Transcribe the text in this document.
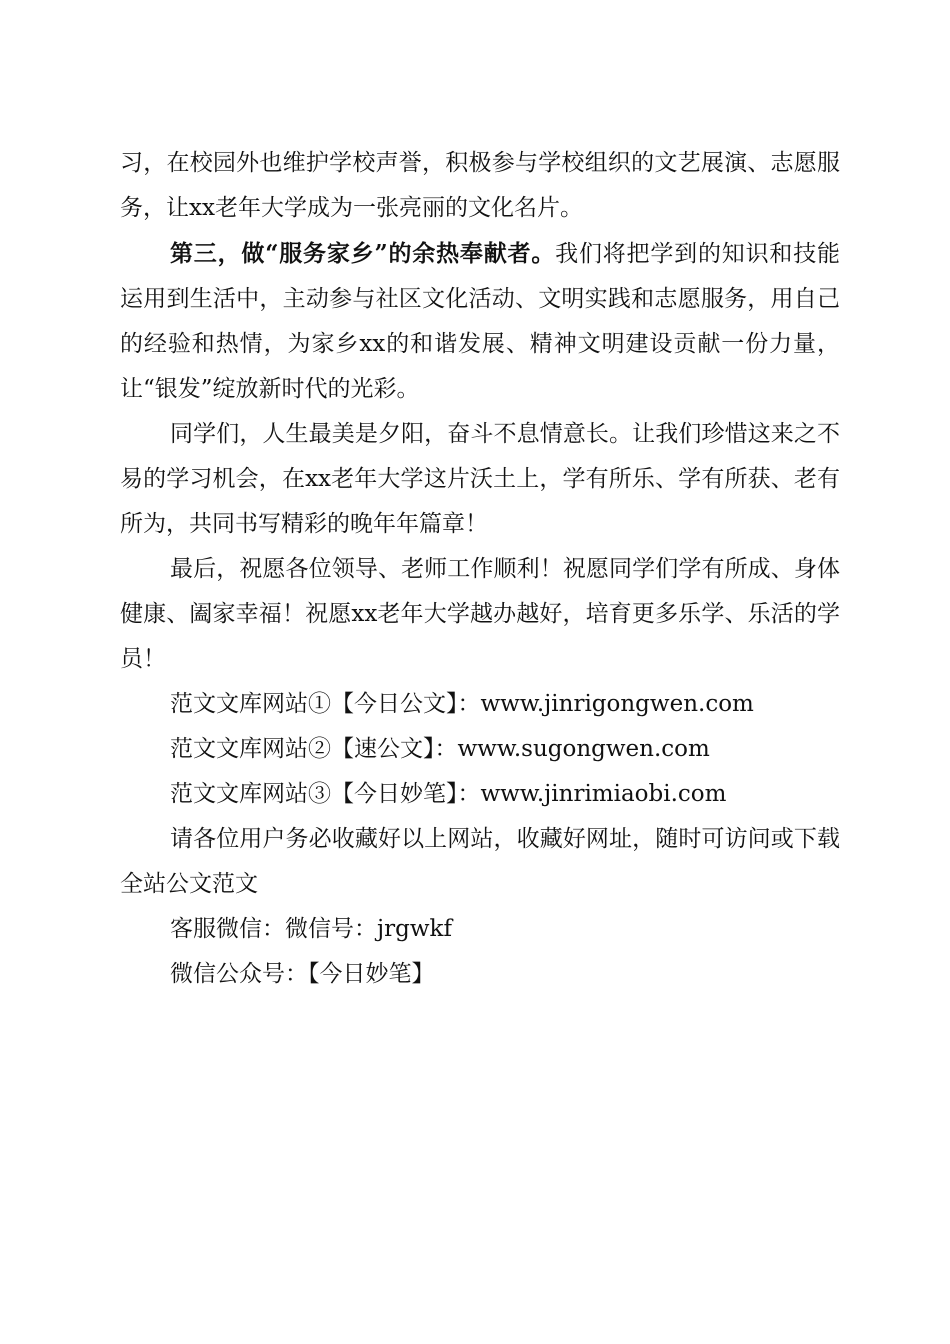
习，在校园外也维护学校声誉，积极参与学校组织的文艺展演、志愿服务，让xx老年大学成为一张亮丽的文化名片。

第三，做“服务家乡”的余热奉献者。我们将把学到的知识和技能运用到生活中，主动参与社区文化活动、文明实践和志愿服务，用自己的经验和热情，为家乡xx的和谐发展、精神文明建设贡献一份力量，让“银发”绽放新时代的光彩。

同学们，人生最美是夕阳，奋斗不息情意长。让我们珍惜这来之不易的学习机会，在xx老年大学这片沃土上，学有所乐、学有所获、老有所为，共同书写精彩的晚年年篇章！

最后，祝愿各位领导、老师工作顺利！祝愿同学们学有所成、身体健康、阖家幸福！祝愿xx老年大学越办越好，培育更多乐学、乐活的学员！

范文文库网站①【今日公文】：www.jinrigongwen.com

范文文库网站②【速公文】：www.sugongwen.com

范文文库网站③【今日妙笔】：www.jinrimiaobi.com

请各位用户务必收藏好以上网站，收藏好网址，随时可访问或下载全站公文范文

客服微信：微信号：jrgwkf

微信公众号：【今日妙笔】
